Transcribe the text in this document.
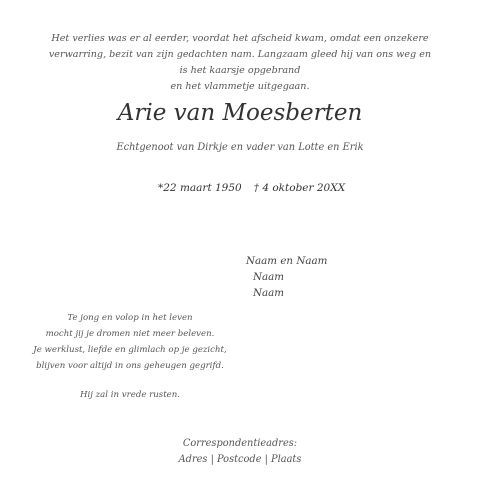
Het verlies was er al eerder, voordat het afscheid kwam, omdat een onzekere
verwarring, bezit van zijn gedachten nam. Langzaam gleed hij van ons weg en
is het kaarsje opgebrand
en het vlammetje uitgegaan.
Arie van Moesberten
Echtgenoot van Dirkje en vader van Lotte en Erik
*22 maart 1950 † 4 oktober 20XX
Naam en Naam
Naam
Naam
Te jong en volop in het leven
mocht jij je dromen niet meer beleven.
Je werklust, liefde en glimlach op je gezicht,
blijven voor altijd in ons geheugen gegrifd.
Hij zal in vrede rusten.
Correspondentieadres:
Adres | Postcode | Plaats
